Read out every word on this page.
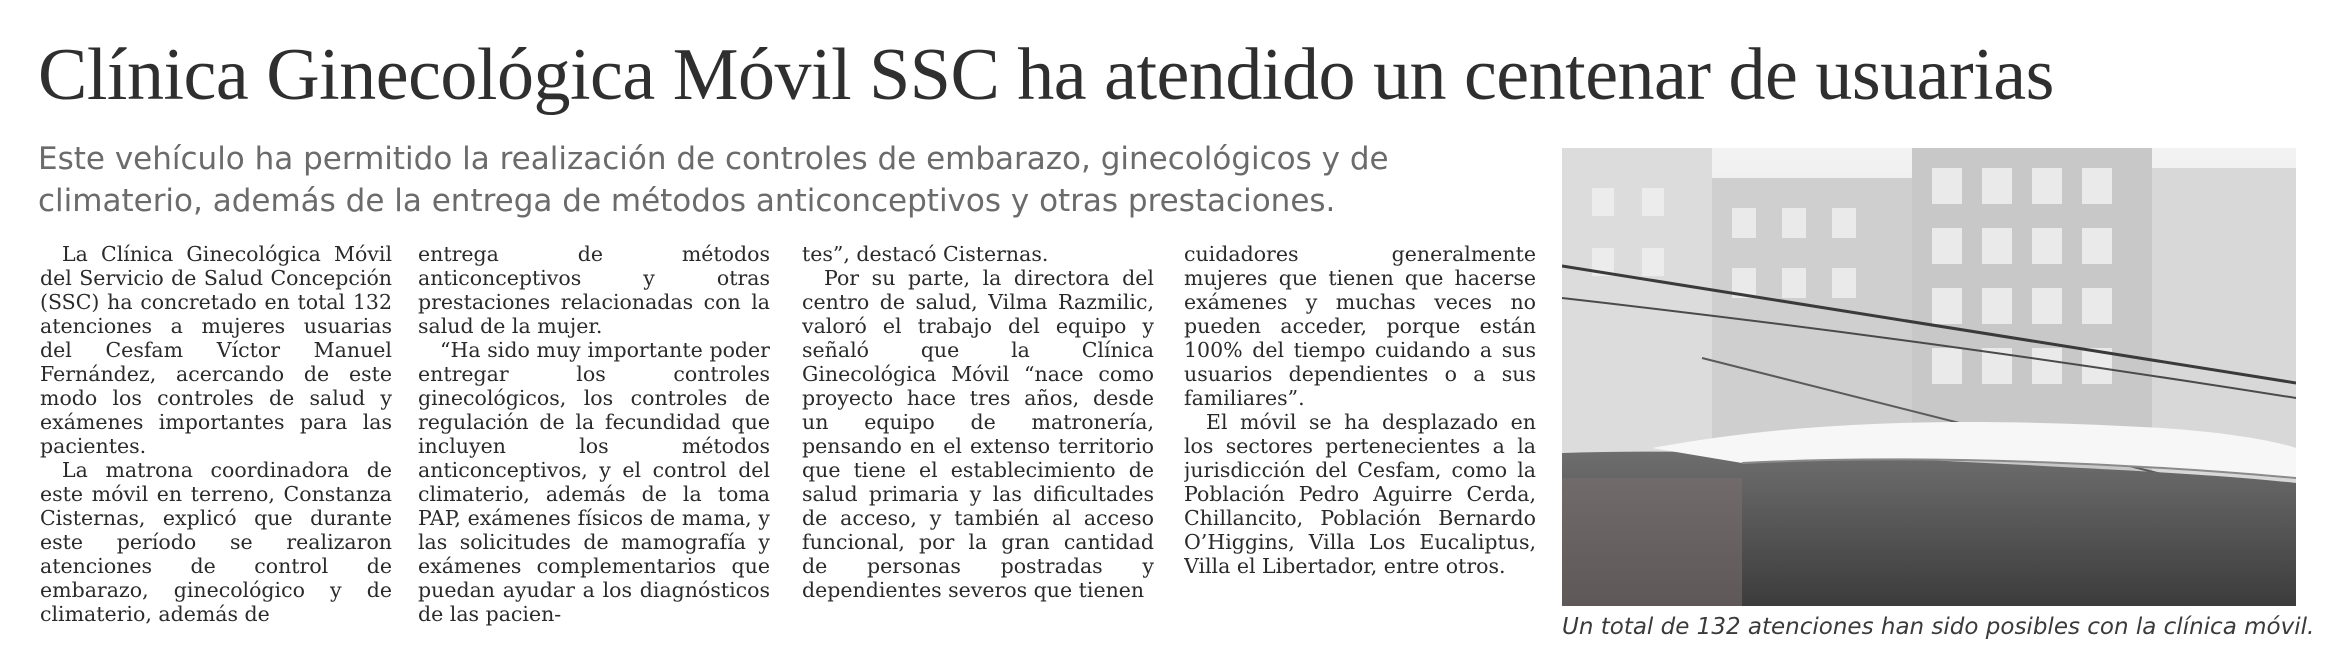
Clínica Ginecológica Móvil SSC ha atendido un centenar de usuarias

Este vehículo ha permitido la realización de controles de embarazo, ginecológicos y de climaterio, además de la entrega de métodos anticonceptivos y otras prestaciones.

La Clínica Ginecológica Móvil del Servicio de Salud Concepción (SSC) ha concretado en total 132 atenciones a mujeres usuarias del Cesfam Víctor Manuel Fernández, acercando de este modo los controles de salud y exámenes importantes para las pacientes.

La matrona coordinadora de este móvil en terreno, Constanza Cisternas, explicó que durante este período se realizaron atenciones de control de embarazo, ginecológico y de climaterio, además de

entrega de métodos anticonceptivos y otras prestaciones relacionadas con la salud de la mujer.

“Ha sido muy importante poder entregar los controles ginecológicos, los controles de regulación de la fecundidad que incluyen los métodos anticonceptivos, y el control del climaterio, además de la toma PAP, exámenes físicos de mama, y las solicitudes de mamografía y exámenes complementarios que puedan ayudar a los diagnósticos de las pacien-

tes”, destacó Cisternas.

Por su parte, la directora del centro de salud, Vilma Razmilic, valoró el trabajo del equipo y señaló que la Clínica Ginecológica Móvil “nace como proyecto hace tres años, desde un equipo de matronería, pensando en el extenso territorio que tiene el establecimiento de salud primaria y las dificultades de acceso, y también al acceso funcional, por la gran cantidad de personas postradas y dependientes severos que tienen

cuidadores generalmente mujeres que tienen que hacerse exámenes y muchas veces no pueden acceder, porque están 100% del tiempo cuidando a sus usuarios dependientes o a sus familiares”.

El móvil se ha desplazado en los sectores pertenecientes a la jurisdicción del Cesfam, como la Población Pedro Aguirre Cerda, Chillancito, Población Bernardo O’Higgins, Villa Los Eucaliptus, Villa el Libertador, entre otros.

Un total de 132 atenciones han sido posibles con la clínica móvil.
